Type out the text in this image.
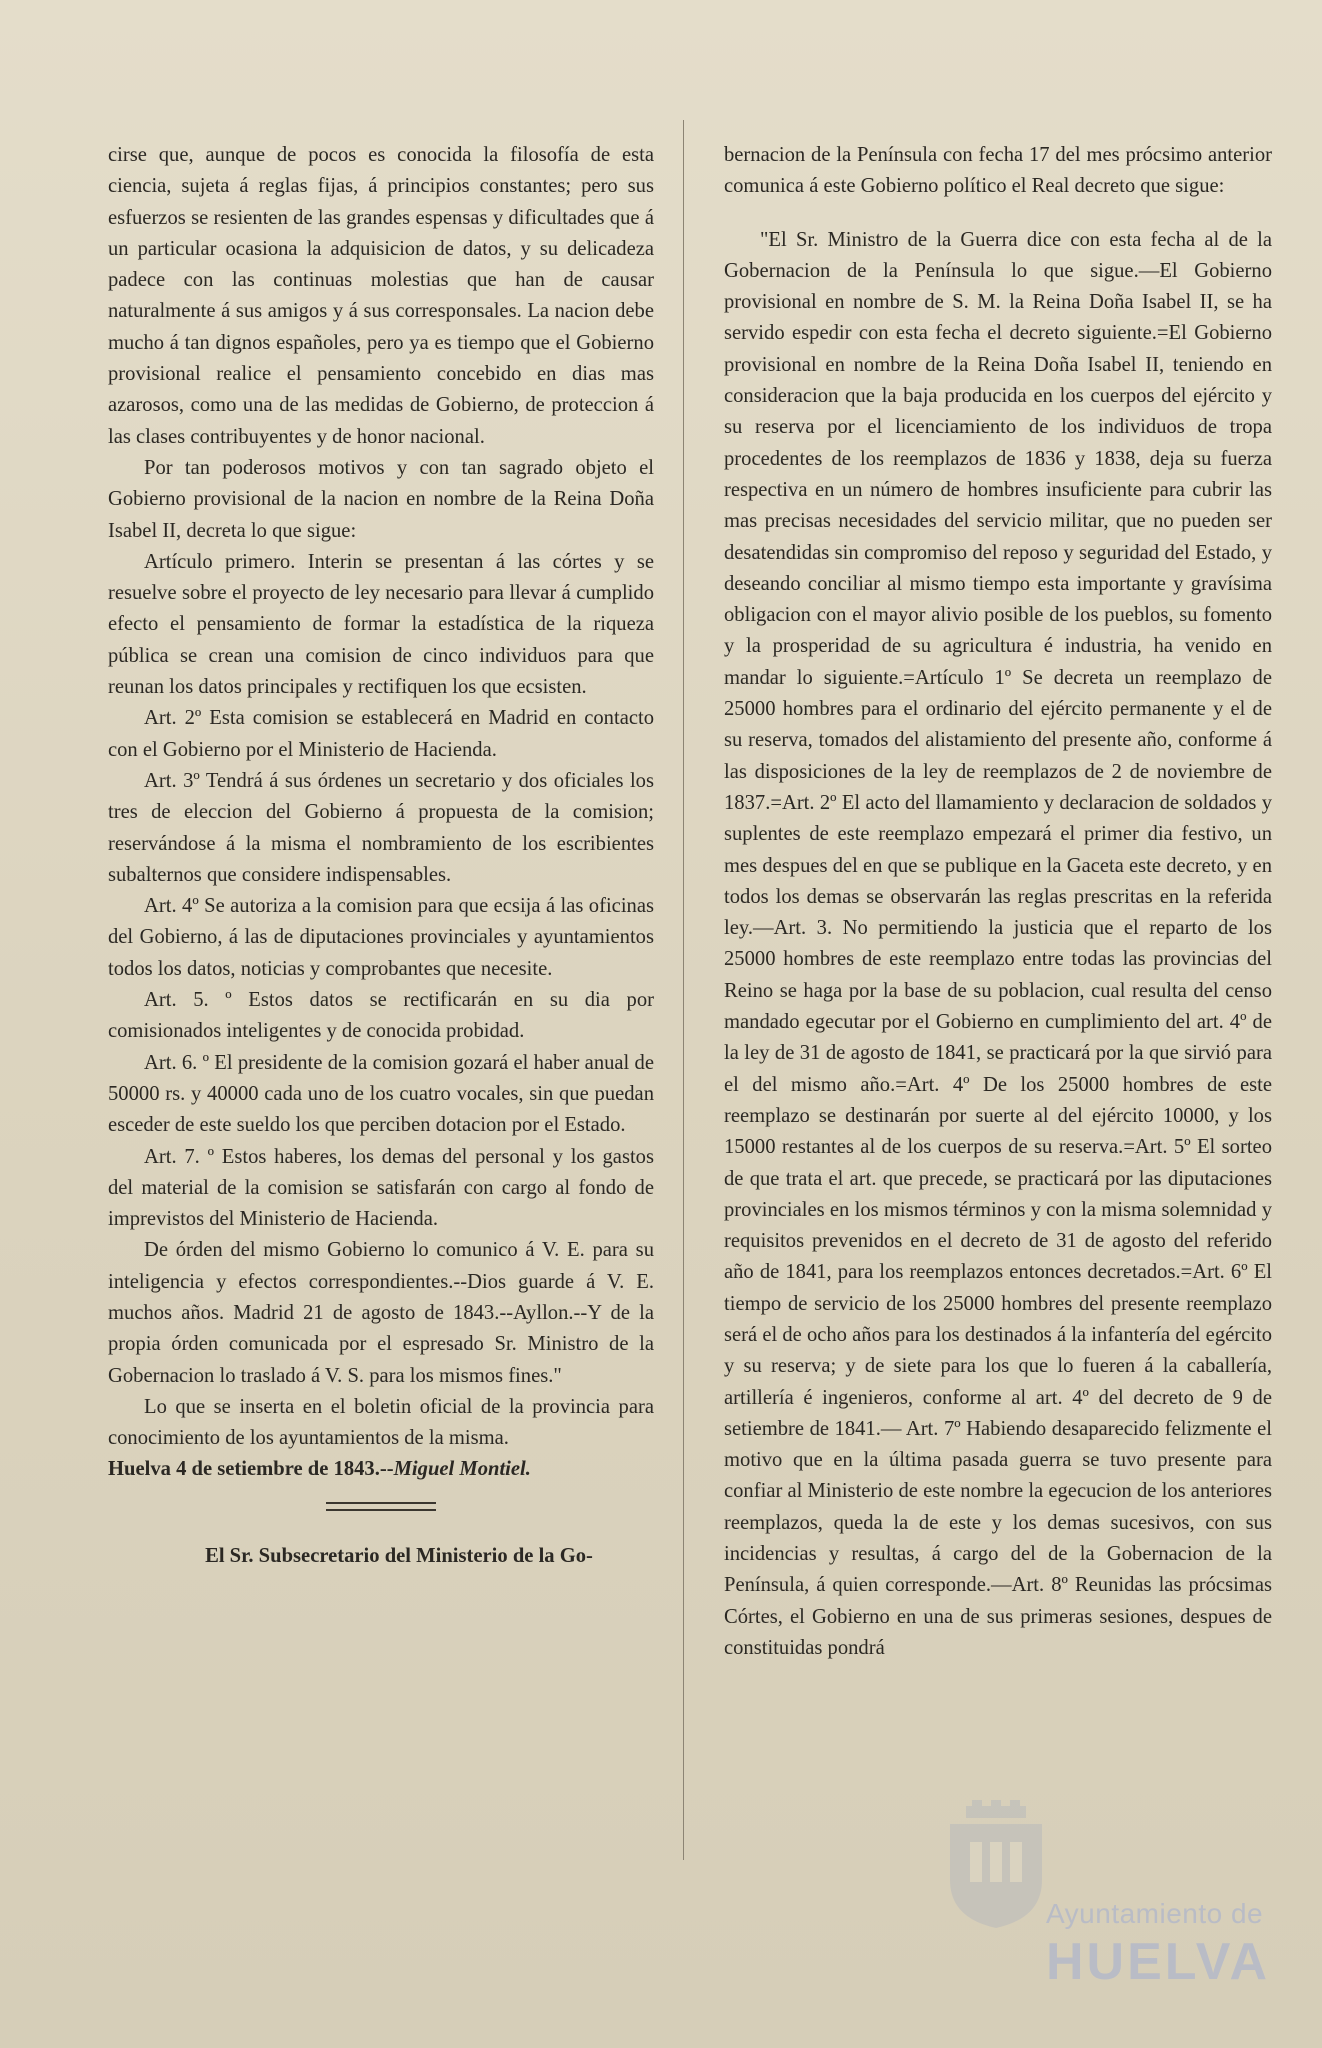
cirse que, aunque de pocos es conocida la filosofía de esta ciencia, sujeta á reglas fijas, á principios constantes; pero sus esfuerzos se resienten de las grandes espensas y dificultades que á un particular ocasiona la adquisicion de datos, y su delicadeza padece con las continuas molestias que han de causar naturalmente á sus amigos y á sus corresponsales. La nacion debe mucho á tan dignos españoles, pero ya es tiempo que el Gobierno provisional realice el pensamiento concebido en dias mas azarosos, como una de las medidas de Gobierno, de proteccion á las clases contribuyentes y de honor nacional.

Por tan poderosos motivos y con tan sagrado objeto el Gobierno provisional de la nacion en nombre de la Reina Doña Isabel II, decreta lo que sigue:

Artículo primero. Interin se presentan á las córtes y se resuelve sobre el proyecto de ley necesario para llevar á cumplido efecto el pensamiento de formar la estadística de la riqueza pública se crean una comision de cinco individuos para que reunan los datos principales y rectifiquen los que ecsisten.

Art. 2º Esta comision se establecerá en Madrid en contacto con el Gobierno por el Ministerio de Hacienda.

Art. 3º Tendrá á sus órdenes un secretario y dos oficiales los tres de eleccion del Gobierno á propuesta de la comision; reservándose á la misma el nombramiento de los escribientes subalternos que considere indispensables.

Art. 4º Se autoriza a la comision para que ecsija á las oficinas del Gobierno, á las de diputaciones provinciales y ayuntamientos todos los datos, noticias y comprobantes que necesite.

Art. 5. º Estos datos se rectificarán en su dia por comisionados inteligentes y de conocida probidad.

Art. 6. º El presidente de la comision gozará el haber anual de 50000 rs. y 40000 cada uno de los cuatro vocales, sin que puedan esceder de este sueldo los que perciben dotacion por el Estado.

Art. 7. º Estos haberes, los demas del personal y los gastos del material de la comision se satisfarán con cargo al fondo de imprevistos del Ministerio de Hacienda.

De órden del mismo Gobierno lo comunico á V. E. para su inteligencia y efectos correspondientes.--Dios guarde á V. E. muchos años. Madrid 21 de agosto de 1843.--Ayllon.--Y de la propia órden comunicada por el espresado Sr. Ministro de la Gobernacion lo traslado á V. S. para los mismos fines."

Lo que se inserta en el boletin oficial de la provincia para conocimiento de los ayuntamientos de la misma.

Huelva 4 de setiembre de 1843.--Miguel Montiel.

El Sr. Subsecretario del Ministerio de la Go-

bernacion de la Península con fecha 17 del mes prócsimo anterior comunica á este Gobierno político el Real decreto que sigue:

"El Sr. Ministro de la Guerra dice con esta fecha al de la Gobernacion de la Península lo que sigue.—El Gobierno provisional en nombre de S. M. la Reina Doña Isabel II, se ha servido espedir con esta fecha el decreto siguiente.=El Gobierno provisional en nombre de la Reina Doña Isabel II, teniendo en consideracion que la baja producida en los cuerpos del ejército y su reserva por el licenciamiento de los individuos de tropa procedentes de los reemplazos de 1836 y 1838, deja su fuerza respectiva en un número de hombres insuficiente para cubrir las mas precisas necesidades del servicio militar, que no pueden ser desatendidas sin compromiso del reposo y seguridad del Estado, y deseando conciliar al mismo tiempo esta importante y gravísima obligacion con el mayor alivio posible de los pueblos, su fomento y la prosperidad de su agricultura é industria, ha venido en mandar lo siguiente.=Artículo 1º Se decreta un reemplazo de 25000 hombres para el ordinario del ejército permanente y el de su reserva, tomados del alistamiento del presente año, conforme á las disposiciones de la ley de reemplazos de 2 de noviembre de 1837.=Art. 2º El acto del llamamiento y declaracion de soldados y suplentes de este reemplazo empezará el primer dia festivo, un mes despues del en que se publique en la Gaceta este decreto, y en todos los demas se observarán las reglas prescritas en la referida ley.—Art. 3. No permitiendo la justicia que el reparto de los 25000 hombres de este reemplazo entre todas las provincias del Reino se haga por la base de su poblacion, cual resulta del censo mandado egecutar por el Gobierno en cumplimiento del art. 4º de la ley de 31 de agosto de 1841, se practicará por la que sirvió para el del mismo año.=Art. 4º De los 25000 hombres de este reemplazo se destinarán por suerte al del ejército 10000, y los 15000 restantes al de los cuerpos de su reserva.=Art. 5º El sorteo de que trata el art. que precede, se practicará por las diputaciones provinciales en los mismos términos y con la misma solemnidad y requisitos prevenidos en el decreto de 31 de agosto del referido año de 1841, para los reemplazos entonces decretados.=Art. 6º El tiempo de servicio de los 25000 hombres del presente reemplazo será el de ocho años para los destinados á la infantería del egército y su reserva; y de siete para los que lo fueren á la caballería, artillería é ingenieros, conforme al art. 4º del decreto de 9 de setiembre de 1841.— Art. 7º Habiendo desaparecido felizmente el motivo que en la última pasada guerra se tuvo presente para confiar al Ministerio de este nombre la egecucion de los anteriores reemplazos, queda la de este y los demas sucesivos, con sus incidencias y resultas, á cargo del de la Gobernacion de la Península, á quien corresponde.—Art. 8º Reunidas las prócsimas Córtes, el Gobierno en una de sus primeras sesiones, despues de constituidas pondrá

Ayuntamiento de
HUELVA
